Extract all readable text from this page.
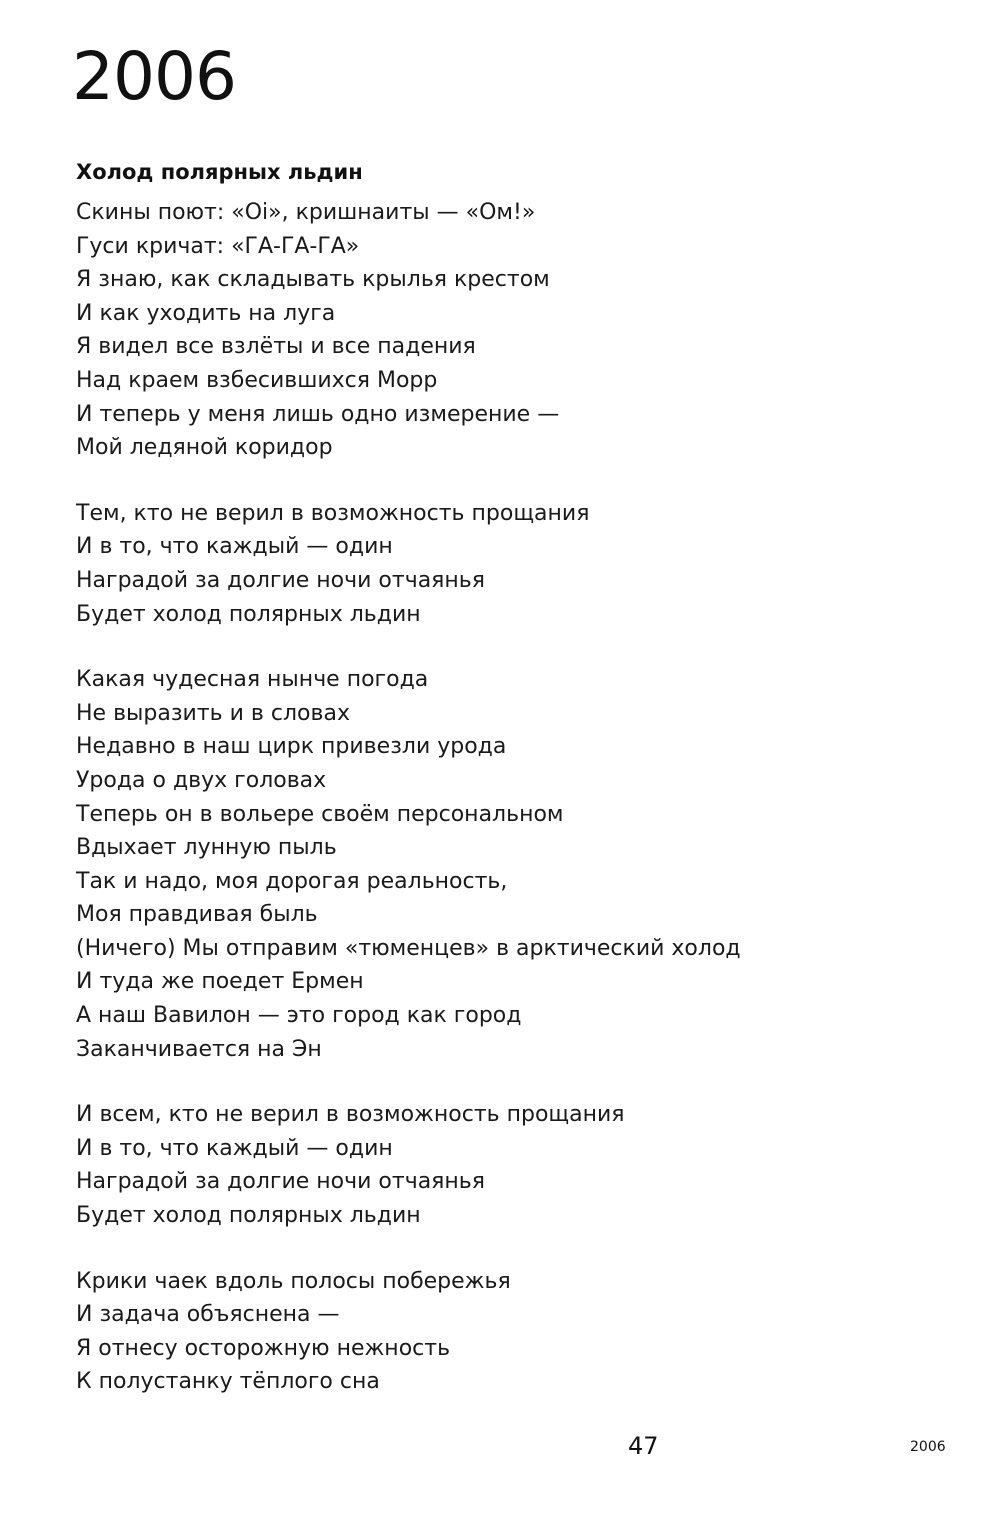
2006
Холод полярных льдин
Скины поют: «Oi», кришнаиты — «Ом!»
Гуси кричат: «ГА-ГА-ГА»
Я знаю, как складывать крылья крестом
И как уходить на луга
Я видел все взлёты и все падения
Над краем взбесившихся Морр
И теперь у меня лишь одно измерение —
Мой ледяной коридор
Тем, кто не верил в возможность прощания
И в то, что каждый — один
Наградой за долгие ночи отчаянья
Будет холод полярных льдин
Какая чудесная нынче погода
Не выразить и в словах
Недавно в наш цирк привезли урода
Урода о двух головах
Теперь он в вольере своём персональном
Вдыхает лунную пыль
Так и надо, моя дорогая реальность,
Моя правдивая быль
(Ничего) Мы отправим «тюменцев» в арктический холод
И туда же поедет Ермен
А наш Вавилон — это город как город
Заканчивается на Эн
И всем, кто не верил в возможность прощания
И в то, что каждый — один
Наградой за долгие ночи отчаянья
Будет холод полярных льдин
Крики чаек вдоль полосы побережья
И задача объяснена —
Я отнесу осторожную нежность
К полустанку тёплого сна
47	2006
